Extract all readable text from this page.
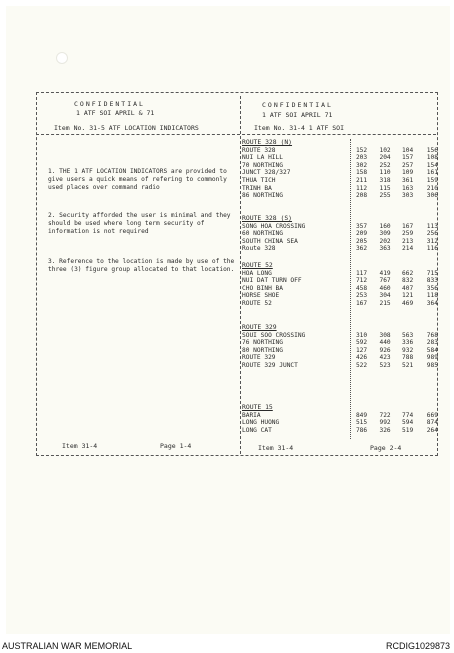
CONFIDENTIAL
1 ATF SOI APRIL & 71
Item No. 31-5 ATF LOCATION INDICATORS
CONFIDENTIAL
1 ATF SOI APRIL 71
Item No. 31-4 1 ATF SOI
1. THE 1 ATF LOCATION INDICATORS are provided to give users a quick means of refering to commonly used places over command radio
2. Security afforded the user is minimal and they should be used where long term security of information is not required
3. Reference to the location is made by use of the three (3) figure group allocated to that location.
ROUTE 328 (N)
ROUTE 328	152	102	104	156
NUI LA HILL	203	204	157	108
70 NORTHING	302	252	257	154
JUNCT 328/327	158	110	109	161
THUA TICH	211	318	361	159
TRINH BA	112	115	163	210
86 NORTHING	208	255	303	306
ROUTE 328 (S)
SONG HOA CROSSING	357	160	167	113
60 NORTHING	209	309	259	256
SOUTH CHINA SEA	205	202	213	312
Route 328	362	363	214	116
ROUTE 52
HOA LONG	117	419	662	715
NUI DAT TURN OFF	712	767	832	833
CHO BINH BA	458	460	407	356
HORSE SHOE	253	304	121	118
ROUTE 52	167	215	469	364
ROUTE 329
SOUI SOO CROSSING	310	308	563	768
76 NORTHING	592	440	336	283
80 NORTHING	127	926	932	584
ROUTE 329	426	423	788	989
ROUTE 329 JUNCT	522	523	521	985
ROUTE 15
BARIA	849	722	774	669
LONG HUONG	515	992	594	874
LONG CAT	786	326	519	264
Item 31-4	Page 1-4	Item 31-4	Page 2-4
AUSTRALIAN WAR MEMORIAL	RCDIG1029873
